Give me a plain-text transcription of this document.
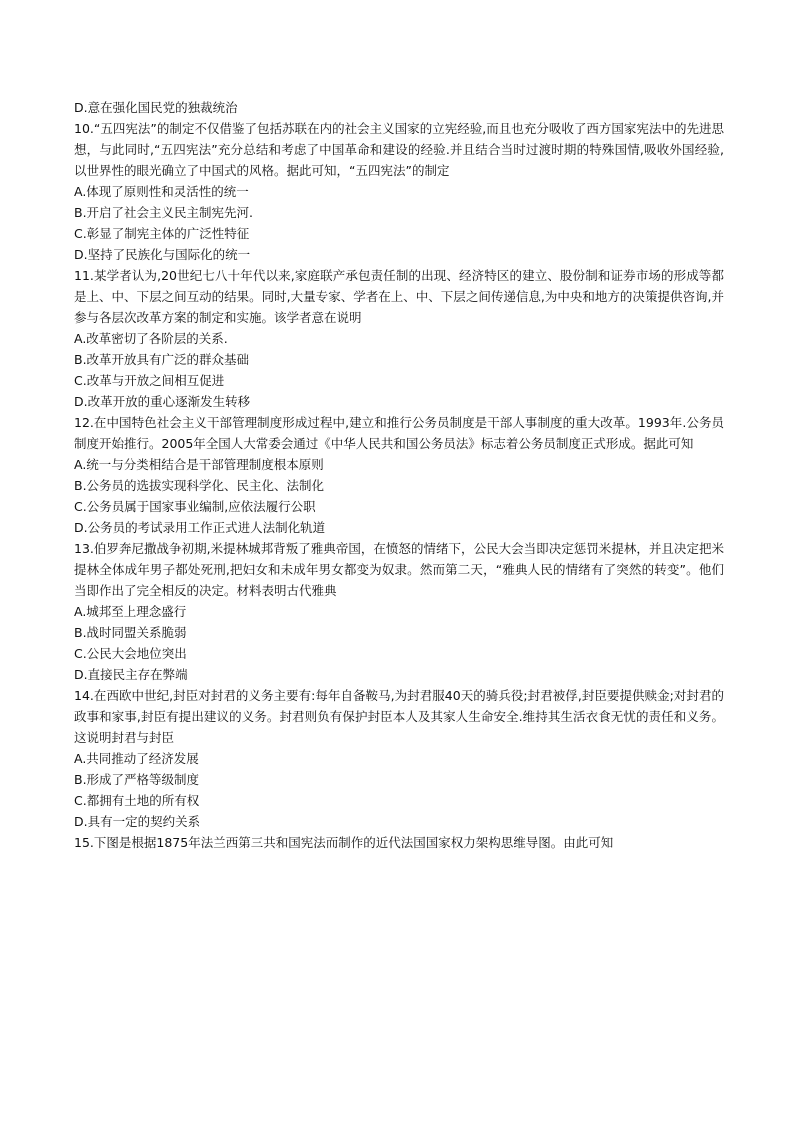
D.意在强化国民党的独裁统治
10.“五四宪法”的制定不仅借鉴了包括苏联在内的社会主义国家的立宪经验,而且也充分吸收了西方国家宪法中的先进思想，与此同时,“五四宪法”充分总结和考虑了中国革命和建设的经验.并且结合当时过渡时期的特殊国情,吸收外国经验,以世界性的眼光确立了中国式的风格。据此可知，“五四宪法”的制定
A.体现了原则性和灵活性的统一
B.开启了社会主义民主制宪先河.
C.彰显了制宪主体的广泛性特征
D.坚持了民族化与国际化的统一
11.某学者认为,20世纪七八十年代以来,家庭联产承包责任制的出现、经济特区的建立、股份制和证券市场的形成等都是上、中、下层之间互动的结果。同时,大量专家、学者在上、中、下层之间传递信息,为中央和地方的决策提供咨询,并参与各层次改革方案的制定和实施。该学者意在说明
A.改革密切了各阶层的关系.
B.改革开放具有广泛的群众基础
C.改革与开放之间相互促进
D.改革开放的重心逐渐发生转移
12.在中国特色社会主义干部管理制度形成过程中,建立和推行公务员制度是干部人事制度的重大改革。1993年.公务员制度开始推行。2005年全国人大常委会通过《中华人民共和国公务员法》标志着公务员制度正式形成。据此可知
A.统一与分类相结合是干部管理制度根本原则
B.公务员的选拔实现科学化、民主化、法制化
C.公务员属于国家事业编制,应依法履行公职
D.公务员的考试录用工作正式进人法制化轨道
13.伯罗奔尼撒战争初期,米提林城邦背叛了雅典帝国，在愤怒的情绪下，公民大会当即决定惩罚米提林，并且决定把米提林全体成年男子都处死刑,把妇女和未成年男女都变为奴隶。然而第二天，“雅典人民的情绪有了突然的转变”。他们当即作出了完全相反的决定。材料表明古代雅典
A.城邦至上理念盛行
B.战时同盟关系脆弱
C.公民大会地位突出
D.直接民主存在弊端
14.在西欧中世纪,封臣对封君的义务主要有:每年自备鞍马,为封君服40天的骑兵役;封君被俘,封臣要提供赎金;对封君的政事和家事,封臣有提出建议的义务。封君则负有保护封臣本人及其家人生命安全.维持其生活衣食无忧的责任和义务。这说明封君与封臣
A.共同推动了经济发展
B.形成了严格等级制度
C.都拥有土地的所有权
D.具有一定的契约关系
15.下图是根据1875年法兰西第三共和国宪法而制作的近代法国国家权力架构思维导图。由此可知
